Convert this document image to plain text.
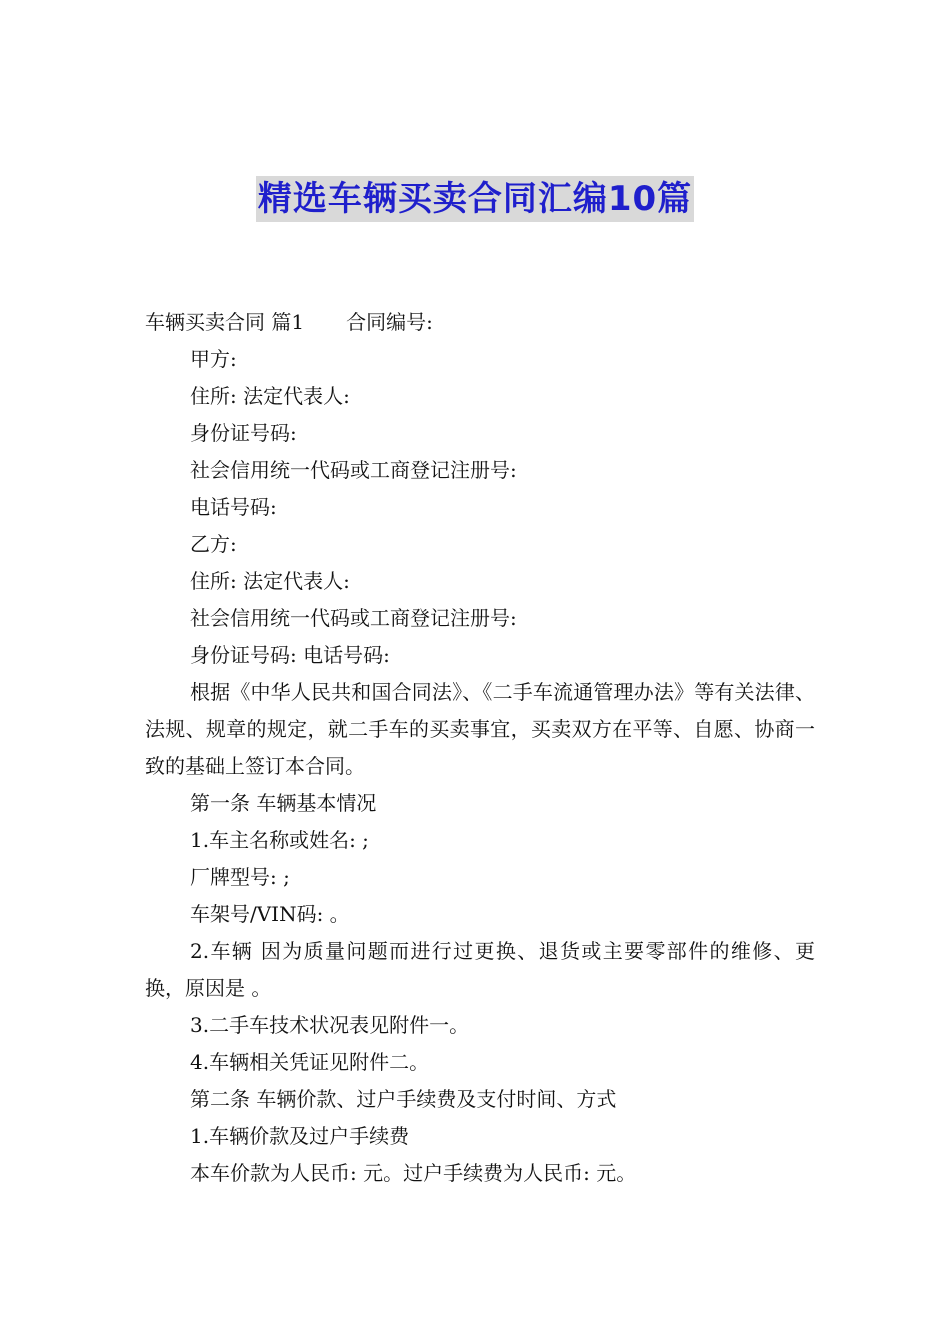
精选车辆买卖合同汇编10篇

车辆买卖合同 篇1 合同编号:

甲方:

住所: 法定代表人:

身份证号码:

社会信用统一代码或工商登记注册号:

电话号码:

乙方:

住所: 法定代表人:

社会信用统一代码或工商登记注册号:

身份证号码: 电话号码:

根据《中华人民共和国合同法》、《二手车流通管理办法》等有关法律、法规、规章的规定，就二手车的买卖事宜，买卖双方在平等、自愿、协商一致的基础上签订本合同。

第一条 车辆基本情况

1.车主名称或姓名: ;

厂牌型号: ;

车架号/VIN码: 。

2.车辆 因为质量问题而进行过更换、退货或主要零部件的维修、更换，原因是 。

3.二手车技术状况表见附件一。

4.车辆相关凭证见附件二。

第二条 车辆价款、过户手续费及支付时间、方式

1.车辆价款及过户手续费

本车价款为人民币: 元。过户手续费为人民币: 元。
